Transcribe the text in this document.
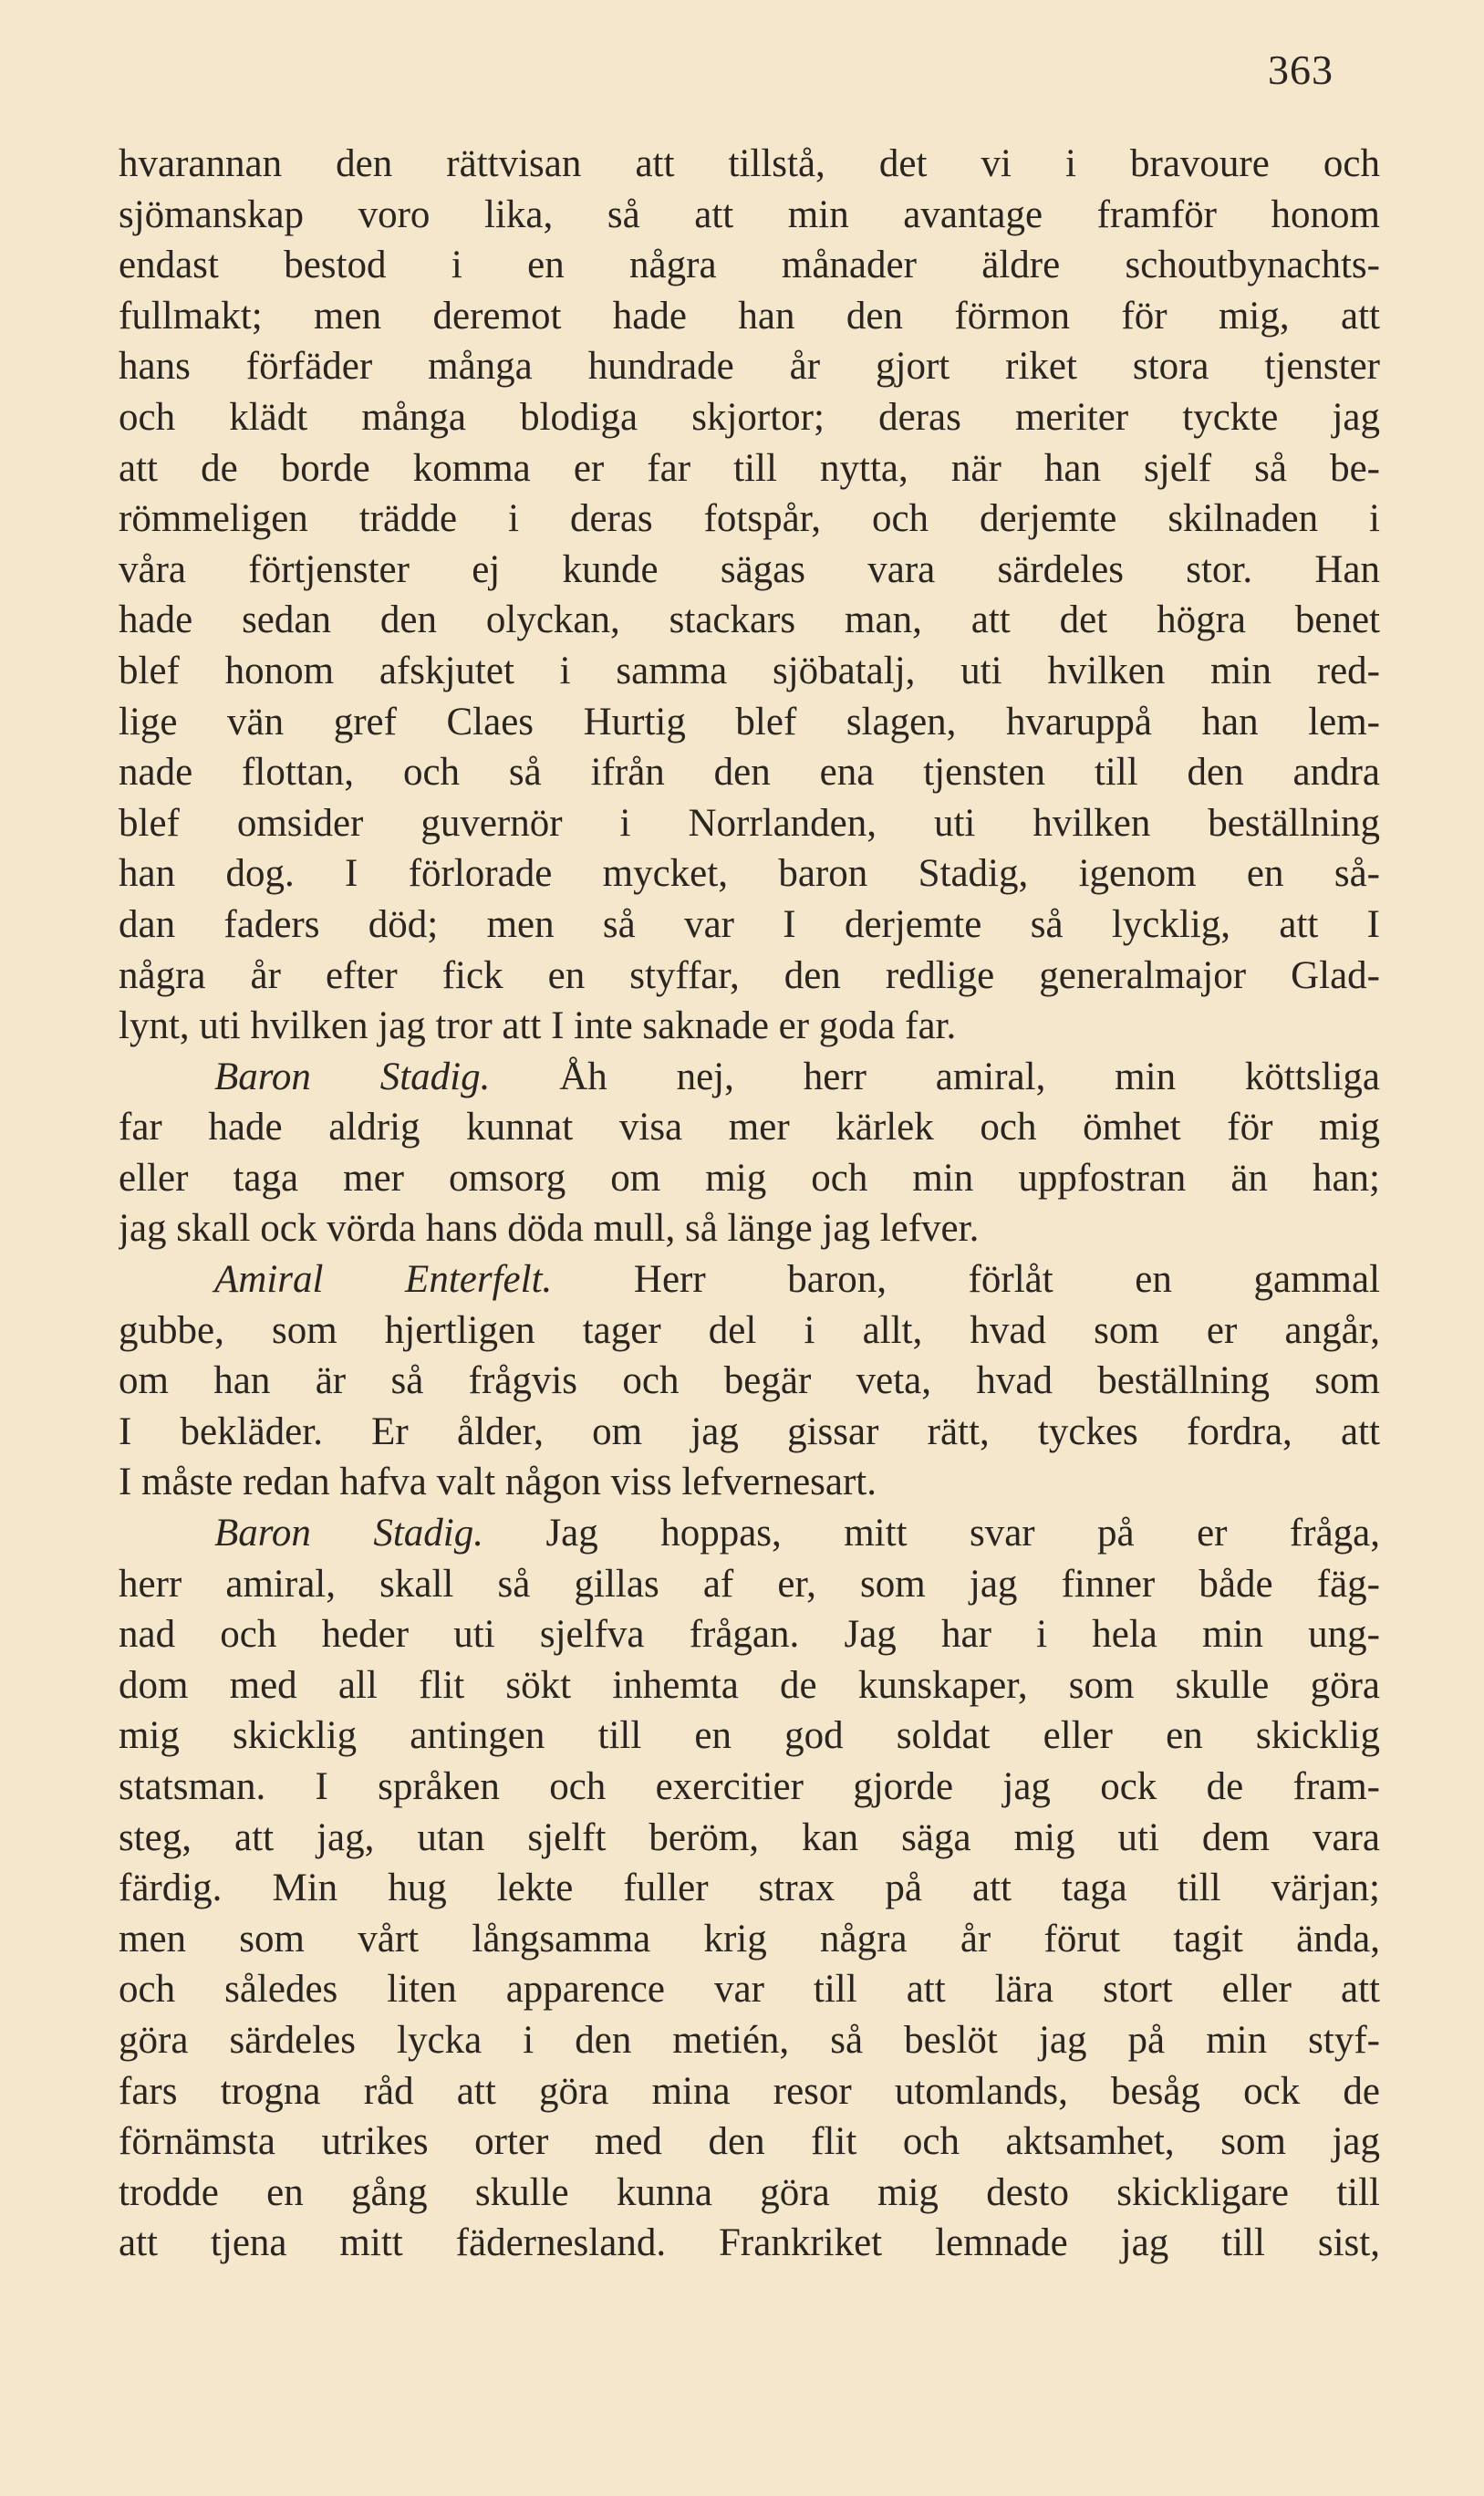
363
hvarannan den rättvisan att tillstå, det vi i bravoure och
sjömanskap voro lika, så att min avantage framför honom
endast bestod i en några månader äldre schoutbynachts-
fullmakt; men deremot hade han den förmon för mig, att
hans förfäder många hundrade år gjort riket stora tjenster
och klädt många blodiga skjortor; deras meriter tyckte jag
att de borde komma er far till nytta, när han sjelf så be-
römmeligen trädde i deras fotspår, och derjemte skilnaden i
våra förtjenster ej kunde sägas vara särdeles stor. Han
hade sedan den olyckan, stackars man, att det högra benet
blef honom afskjutet i samma sjöbatalj, uti hvilken min red-
lige vän gref Claes Hurtig blef slagen, hvaruppå han lem-
nade flottan, och så ifrån den ena tjensten till den andra
blef omsider guvernör i Norrlanden, uti hvilken beställning
han dog. I förlorade mycket, baron Stadig, igenom en så-
dan faders död; men så var I derjemte så lycklig, att I
några år efter fick en styffar, den redlige generalmajor Glad-
lynt, uti hvilken jag tror att I inte saknade er goda far.
Baron Stadig. Åh nej, herr amiral, min köttsliga
far hade aldrig kunnat visa mer kärlek och ömhet för mig
eller taga mer omsorg om mig och min uppfostran än han;
jag skall ock vörda hans döda mull, så länge jag lefver.
Amiral Enterfelt. Herr baron, förlåt en gammal
gubbe, som hjertligen tager del i allt, hvad som er angår,
om han är så frågvis och begär veta, hvad beställning som
I bekläder. Er ålder, om jag gissar rätt, tyckes fordra, att
I måste redan hafva valt någon viss lefvernesart.
Baron Stadig. Jag hoppas, mitt svar på er fråga,
herr amiral, skall så gillas af er, som jag finner både fäg-
nad och heder uti sjelfva frågan. Jag har i hela min ung-
dom med all flit sökt inhemta de kunskaper, som skulle göra
mig skicklig antingen till en god soldat eller en skicklig
statsman. I språken och exercitier gjorde jag ock de fram-
steg, att jag, utan sjelft beröm, kan säga mig uti dem vara
färdig. Min hug lekte fuller strax på att taga till värjan;
men som vårt långsamma krig några år förut tagit ända,
och således liten apparence var till att lära stort eller att
göra särdeles lycka i den metién, så beslöt jag på min styf-
fars trogna råd att göra mina resor utomlands, besåg ock de
förnämsta utrikes orter med den flit och aktsamhet, som jag
trodde en gång skulle kunna göra mig desto skickligare till
att tjena mitt fädernesland. Frankriket lemnade jag till sist,
